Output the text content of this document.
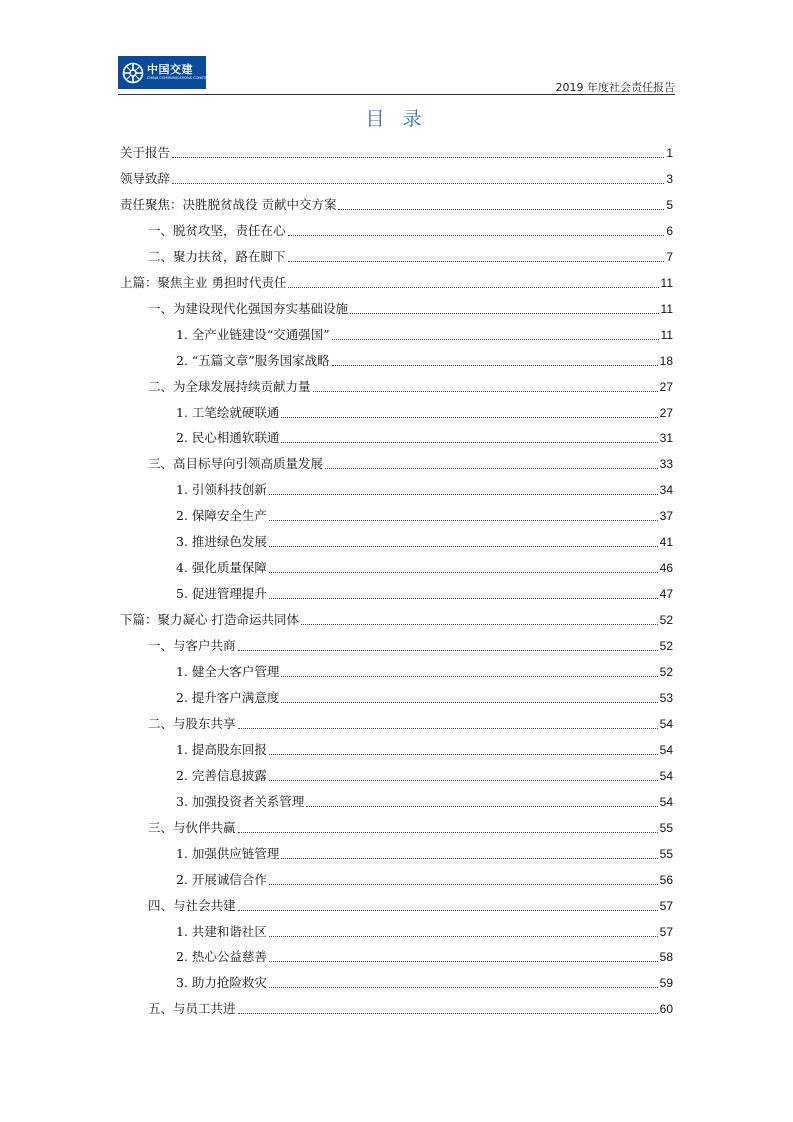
中国交建
CHINA COMMUNICATIONS CONSTRUCTION
2019 年度社会责任报告
目 录
关于报告	1
领导致辞	3
责任聚焦：决胜脱贫战役 贡献中交方案	5
一、脱贫攻坚，责任在心	6
二、聚力扶贫，路在脚下	7
上篇：聚焦主业 勇担时代责任	11
一、为建设现代化强国夯实基础设施	11
1. 全产业链建设“交通强国”	11
2. “五篇文章”服务国家战略	18
二、为全球发展持续贡献力量	27
1. 工笔绘就硬联通	27
2. 民心相通软联通	31
三、高目标导向引领高质量发展	33
1. 引领科技创新	34
2. 保障安全生产	37
3. 推进绿色发展	41
4. 强化质量保障	46
5. 促进管理提升	47
下篇：聚力凝心 打造命运共同体	52
一、与客户共商	52
1. 健全大客户管理	52
2. 提升客户满意度	53
二、与股东共享	54
1. 提高股东回报	54
2. 完善信息披露	54
3. 加强投资者关系管理	54
三、与伙伴共赢	55
1. 加强供应链管理	55
2. 开展诚信合作	56
四、与社会共建	57
1. 共建和谐社区	57
2. 热心公益慈善	58
3. 助力抢险救灾	59
五、与员工共进	60
